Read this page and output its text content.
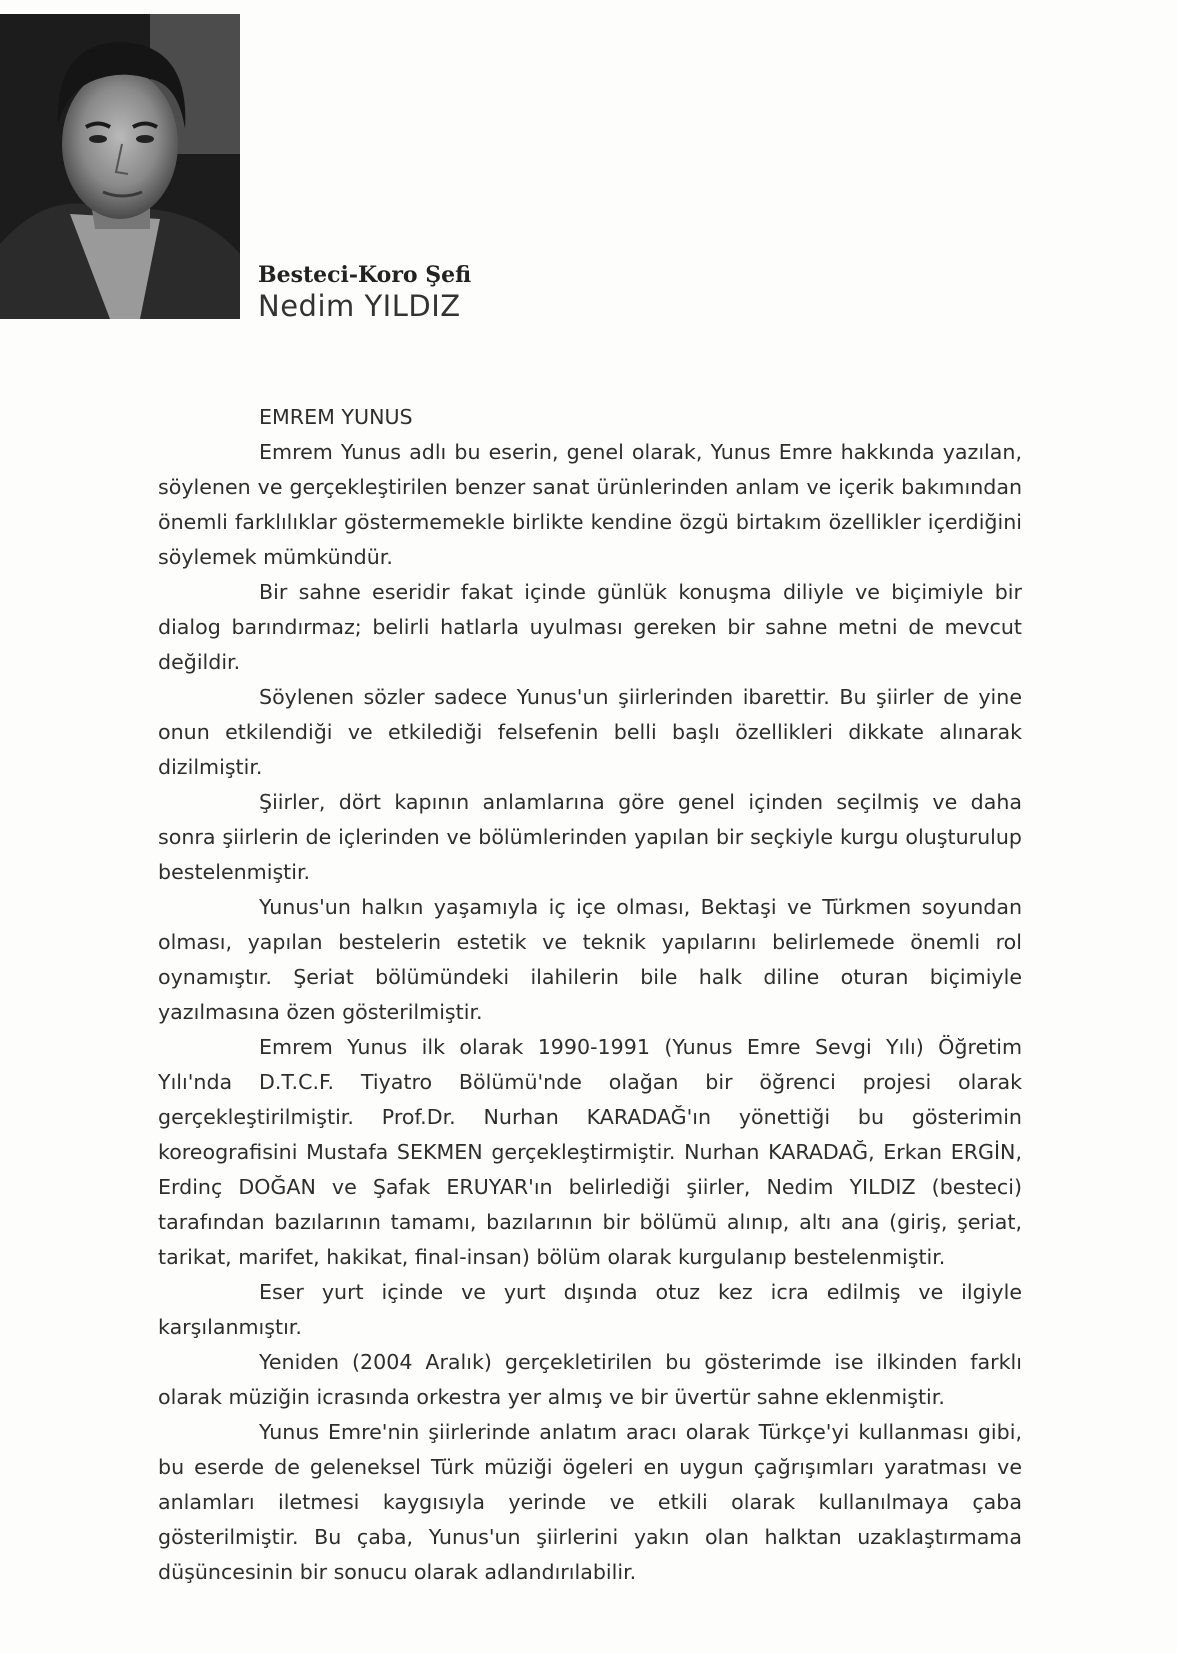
Besteci-Koro Şefi
Nedim YILDIZ
EMREM YUNUS

Emrem Yunus adlı bu eserin, genel olarak, Yunus Emre hakkında yazılan, söylenen ve gerçekleştirilen benzer sanat ürünlerinden anlam ve içerik bakımından önemli farklılıklar göstermemekle birlikte kendine özgü birtakım özellikler içerdiğini söylemek mümkündür.

Bir sahne eseridir fakat içinde günlük konuşma diliyle ve biçimiyle bir dialog barındırmaz; belirli hatlarla uyulması gereken bir sahne metni de mevcut değildir.

Söylenen sözler sadece Yunus'un şiirlerinden ibarettir. Bu şiirler de yine onun etkilendiği ve etkilediği felsefenin belli başlı özellikleri dikkate alınarak dizilmiştir.

Şiirler, dört kapının anlamlarına göre genel içinden seçilmiş ve daha sonra şiirlerin de içlerinden ve bölümlerinden yapılan bir seçkiyle kurgu oluşturulup bestelenmiştir.

Yunus'un halkın yaşamıyla iç içe olması, Bektaşi ve Türkmen soyundan olması, yapılan bestelerin estetik ve teknik yapılarını belirlemede önemli rol oynamıştır. Şeriat bölümündeki ilahilerin bile halk diline oturan biçimiyle yazılmasına özen gösterilmiştir.

Emrem Yunus ilk olarak 1990-1991 (Yunus Emre Sevgi Yılı) Öğretim Yılı'nda D.T.C.F. Tiyatro Bölümü'nde olağan bir öğrenci projesi olarak gerçekleştirilmiştir. Prof.Dr. Nurhan KARADAĞ'ın yönettiği bu gösterimin koreografisini Mustafa SEKMEN gerçekleştirmiştir. Nurhan KARADAĞ, Erkan ERGİN, Erdinç DOĞAN ve Şafak ERUYAR'ın belirlediği şiirler, Nedim YILDIZ (besteci) tarafından bazılarının tamamı, bazılarının bir bölümü alınıp, altı ana (giriş, şeriat, tarikat, marifet, hakikat, final-insan) bölüm olarak kurgulanıp bestelenmiştir.

Eser yurt içinde ve yurt dışında otuz kez icra edilmiş ve ilgiyle karşılanmıştır.

Yeniden (2004 Aralık) gerçekletirilen bu gösterimde ise ilkinden farklı olarak müziğin icrasında orkestra yer almış ve bir üvertür sahne eklenmiştir.

Yunus Emre'nin şiirlerinde anlatım aracı olarak Türkçe'yi kullanması gibi, bu eserde de geleneksel Türk müziği ögeleri en uygun çağrışımları yaratması ve anlamları iletmesi kaygısıyla yerinde ve etkili olarak kullanılmaya çaba gösterilmiştir. Bu çaba, Yunus'un şiirlerini yakın olan halktan uzaklaştırmama düşüncesinin bir sonucu olarak adlandırılabilir.
